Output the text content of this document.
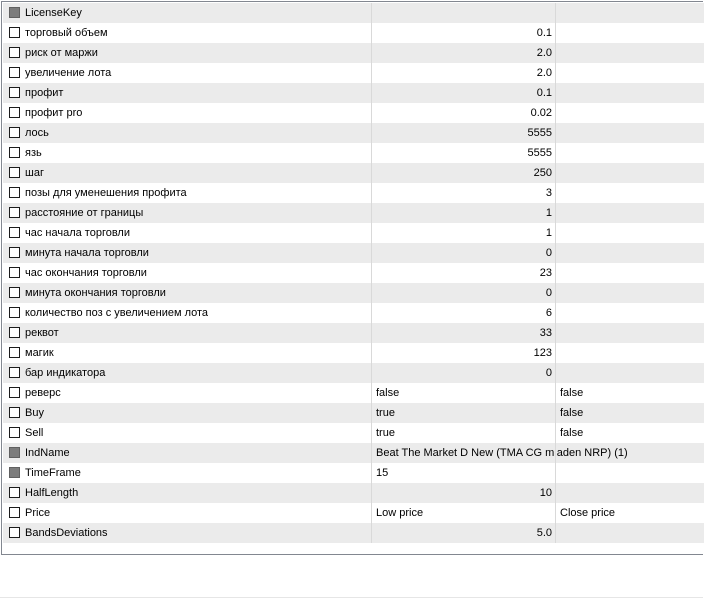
LicenseKey
торговый объем	0.1
риск от маржи	2.0
увеличение лота	2.0
профит	0.1
профит pro	0.02
лось	5555
язь	5555
шаг	250
позы для уменешения профита	3
расстояние от границы	1
час начала торговли	1
минута начала торговли	0
час окончания торговли	23
минута окончания торговли	0
количество поз с увеличением лота	6
реквот	33
магик	123
бар индикатора	0
реверс	false	false
Buy	true	false
Sell	true	false
IndName	Beat The Market D New (TMA CG mladen NRP) (1)
TimeFrame	15
HalfLength	10
Price	Low price	Close price
BandsDeviations	5.0
